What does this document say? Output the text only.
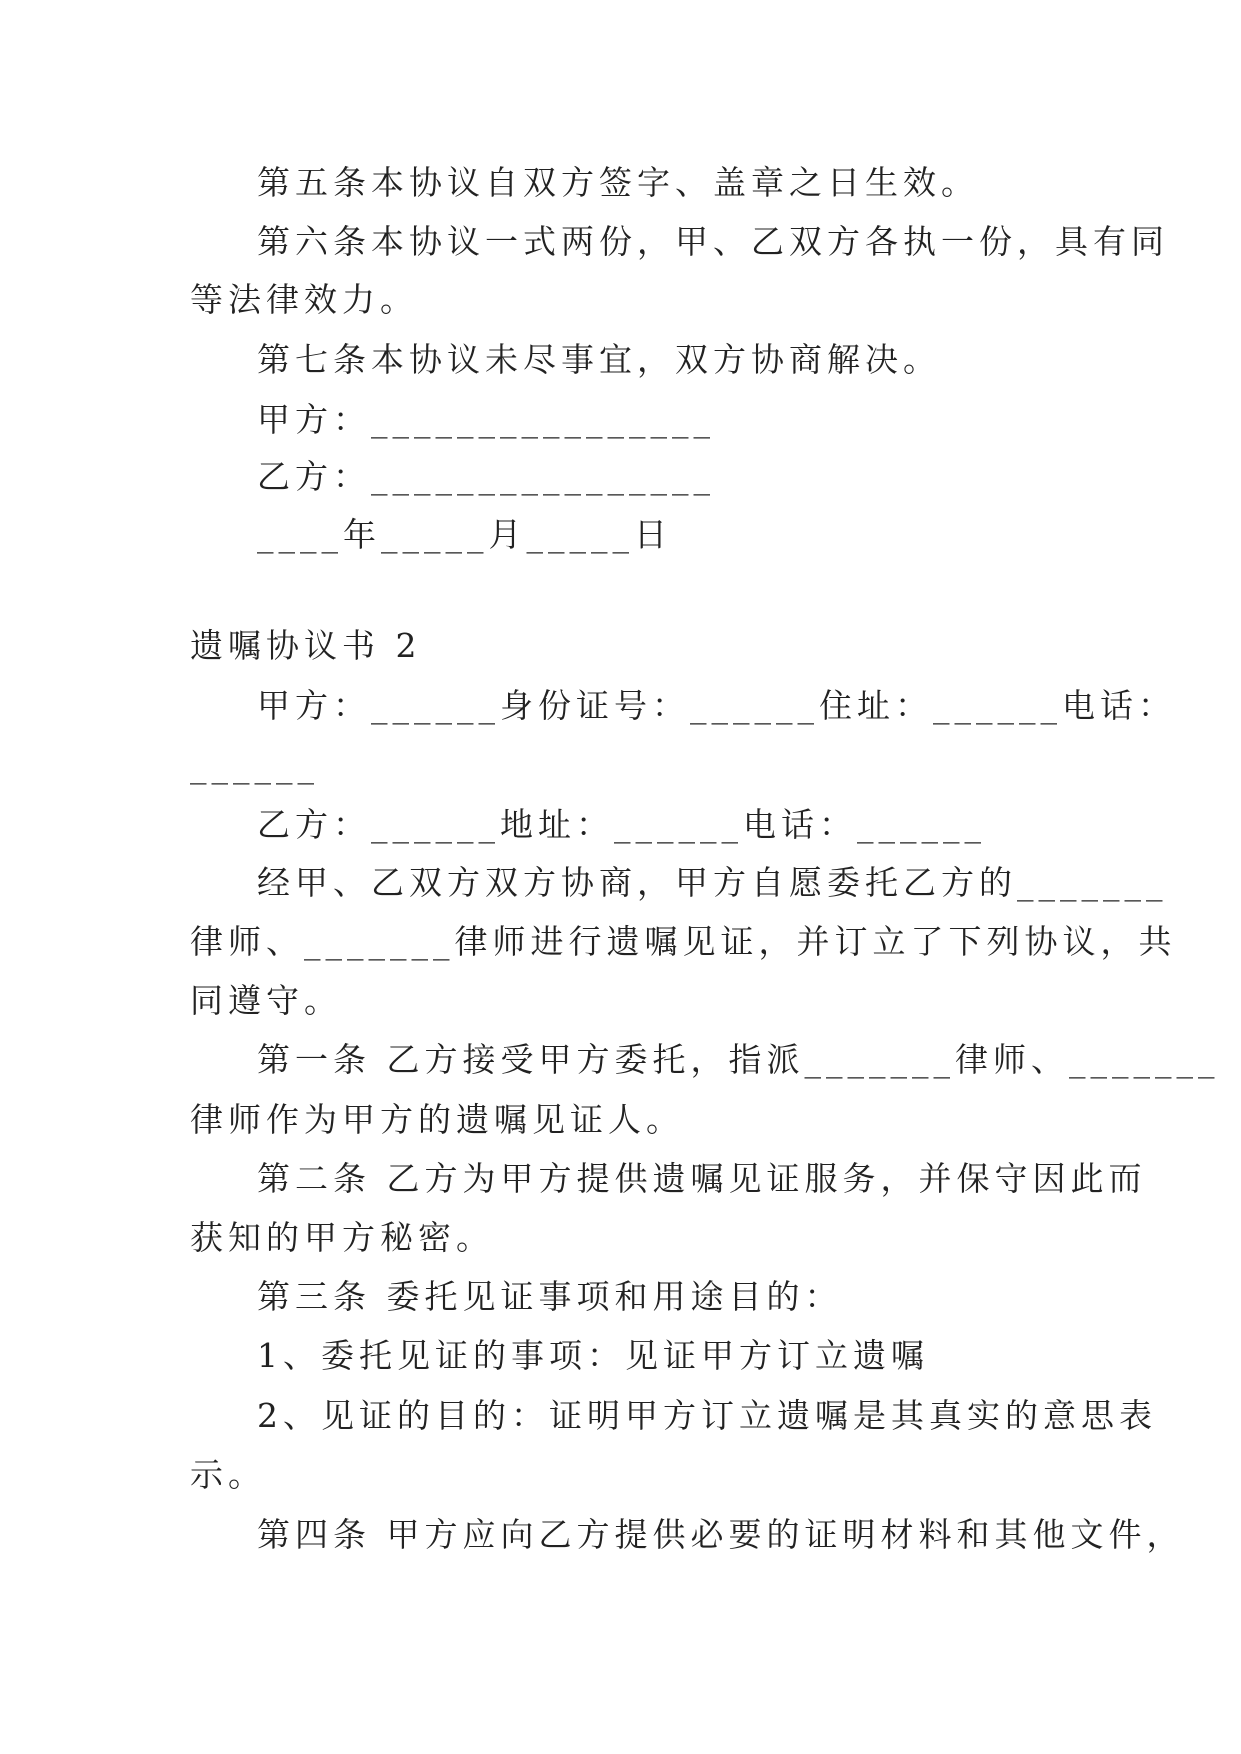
第五条本协议自双方签字、盖章之日生效。
第六条本协议一式两份，甲、乙双方各执一份，具有同
等法律效力。
第七条本协议未尽事宜，双方协商解决。
甲方：________________
乙方：________________
____年_____月_____日
遗嘱协议书 2
甲方：______身份证号：______住址：______电话：
______
乙方：______地址：______电话：______
经甲、乙双方双方协商，甲方自愿委托乙方的_______
律师、_______律师进行遗嘱见证，并订立了下列协议，共
同遵守。
第一条 乙方接受甲方委托，指派_______律师、_______
律师作为甲方的遗嘱见证人。
第二条 乙方为甲方提供遗嘱见证服务，并保守因此而
获知的甲方秘密。
第三条 委托见证事项和用途目的：
1、委托见证的事项：见证甲方订立遗嘱
2、见证的目的：证明甲方订立遗嘱是其真实的意思表
示。
第四条 甲方应向乙方提供必要的证明材料和其他文件，
